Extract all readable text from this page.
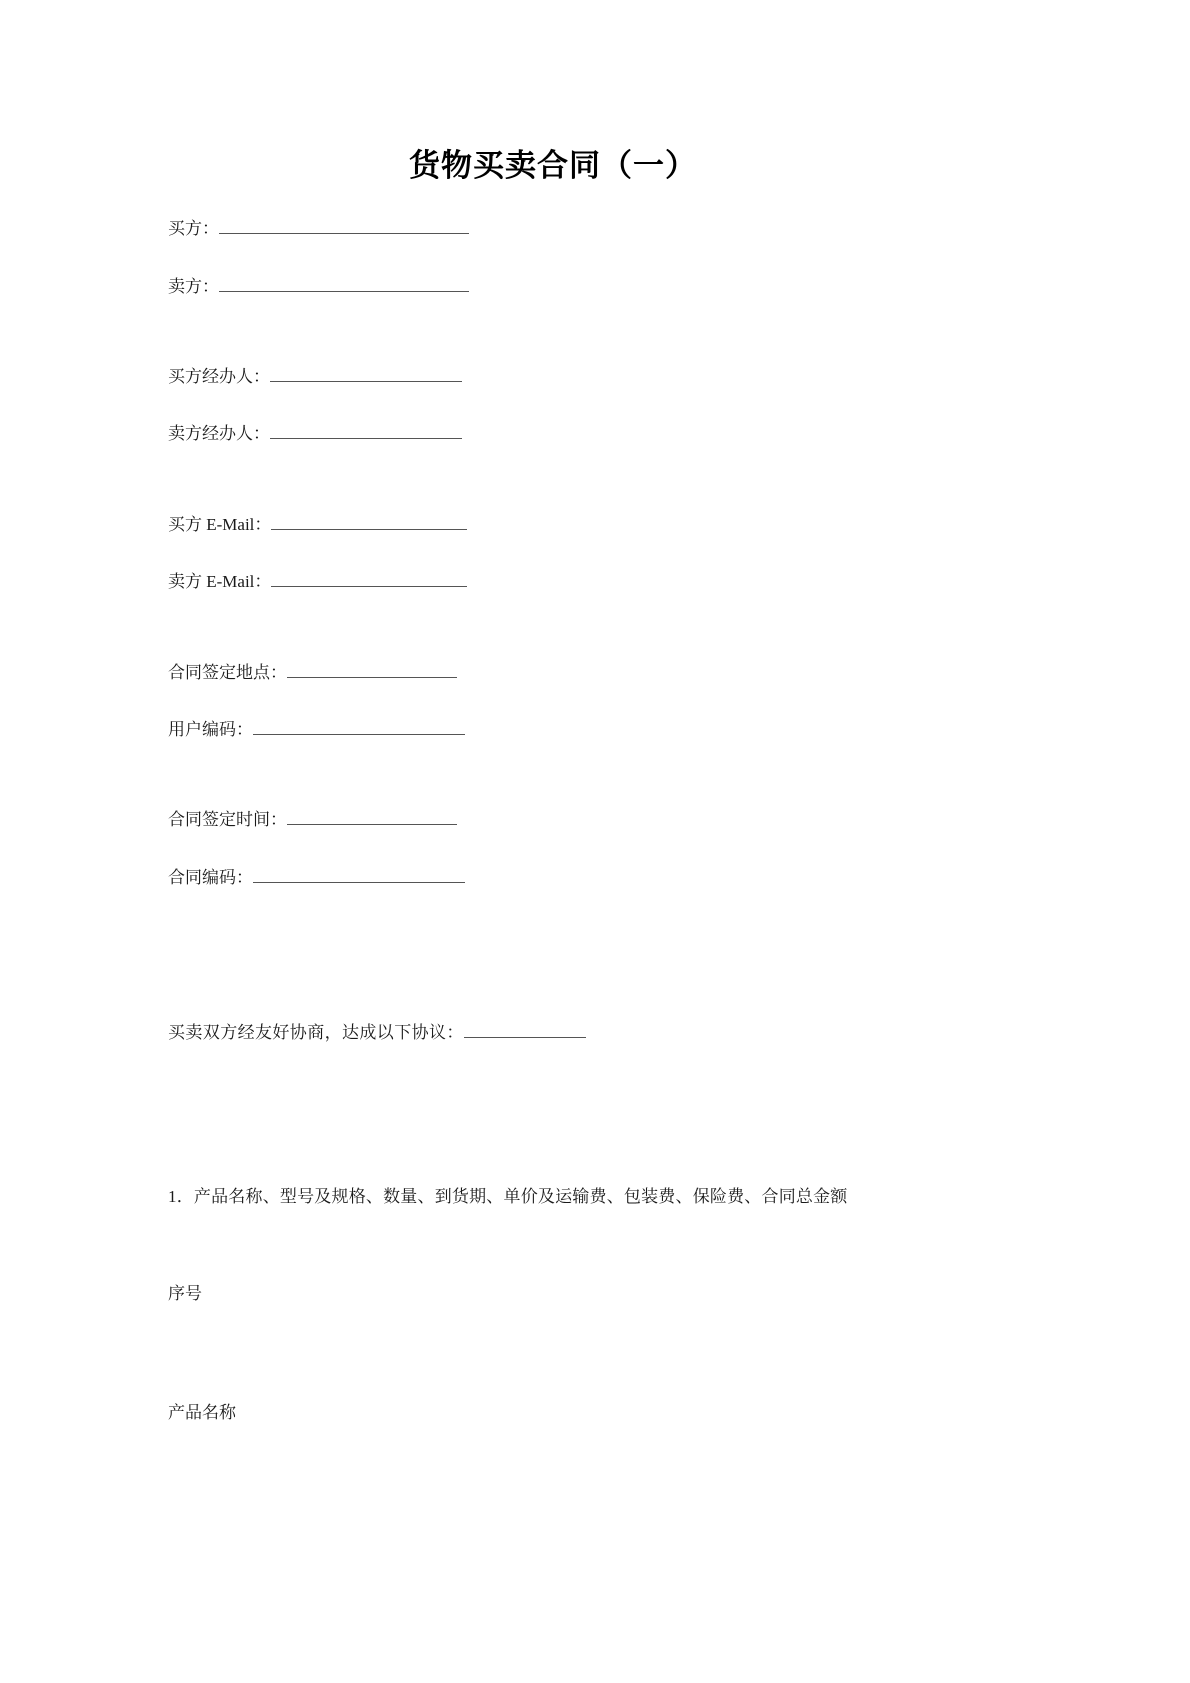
货物买卖合同（一）
买方：
卖方：
买方经办人：
卖方经办人：
买方 E-Mail：
卖方 E-Mail：
合同签定地点：
用户编码：
合同签定时间：
合同编码：
买卖双方经友好协商，达成以下协议：
1．产品名称、型号及规格、数量、到货期、单价及运输费、包装费、保险费、合同总金额
序号
产品名称
